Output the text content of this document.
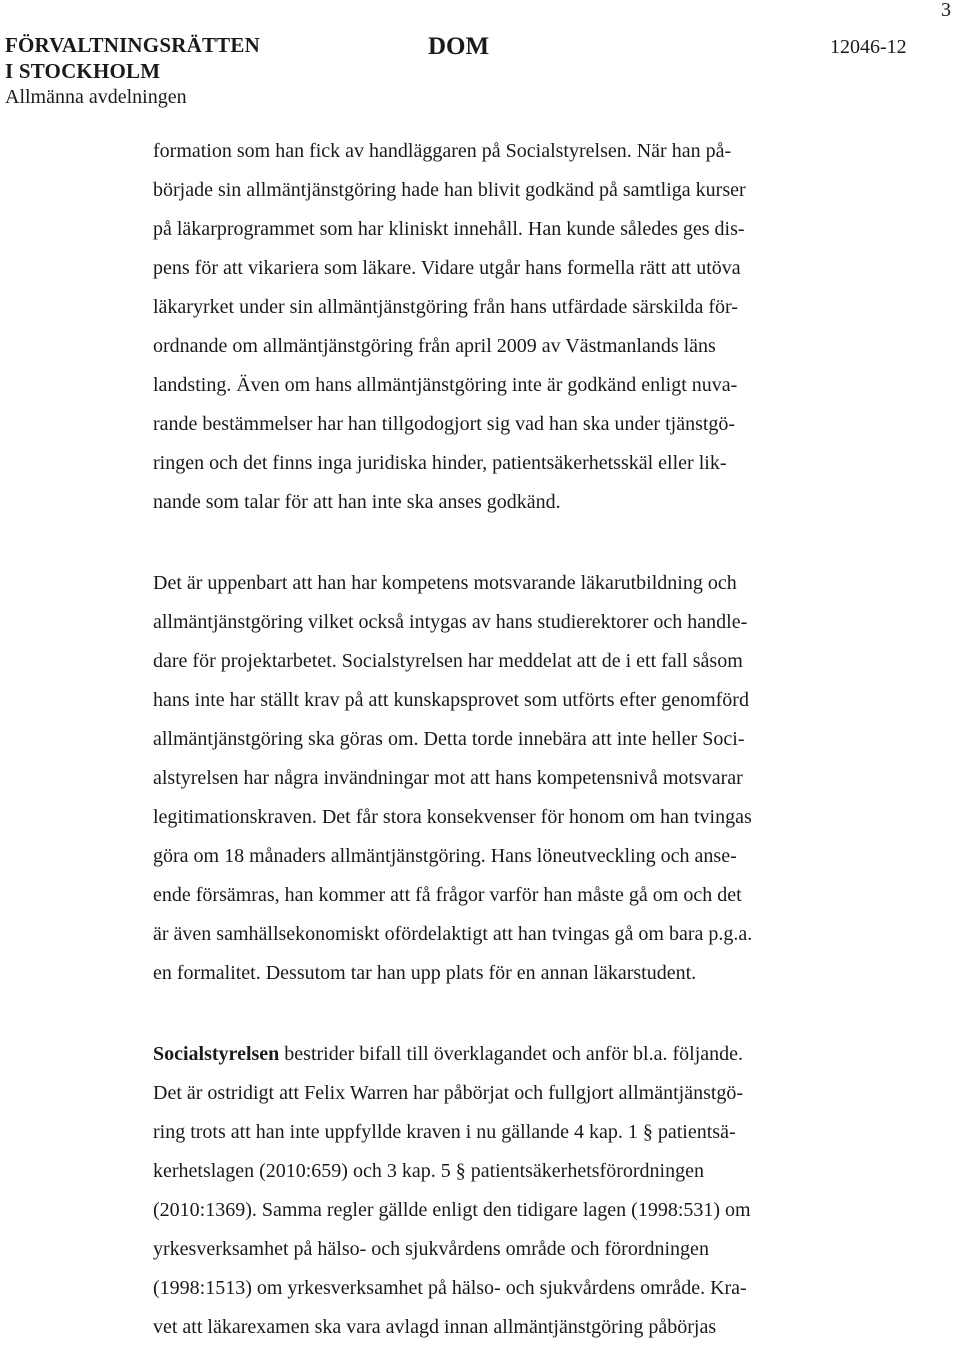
FÖRVALTNINGSRÄTTEN
I STOCKHOLM
Allmänna avdelningen
DOM	12046-12
3
formation som han fick av handläggaren på Socialstyrelsen. När han på-
började sin allmäntjänstgöring hade han blivit godkänd på samtliga kurser
på läkarprogrammet som har kliniskt innehåll. Han kunde således ges dis-
pens för att vikariera som läkare. Vidare utgår hans formella rätt att utöva
läkaryrket under sin allmäntjänstgöring från hans utfärdade särskilda för-
ordnande om allmäntjänstgöring från april 2009 av Västmanlands läns
landsting. Även om hans allmäntjänstgöring inte är godkänd enligt nuva-
rande bestämmelser har han tillgodogjort sig vad han ska under tjänstgö-
ringen och det finns inga juridiska hinder, patientsäkerhetsskäl eller lik-
nande som talar för att han inte ska anses godkänd.
Det är uppenbart att han har kompetens motsvarande läkarutbildning och
allmäntjänstgöring vilket också intygas av hans studierektorer och handle-
dare för projektarbetet. Socialstyrelsen har meddelat att de i ett fall såsom
hans inte har ställt krav på att kunskapsprovet som utförts efter genomförd
allmäntjänstgöring ska göras om. Detta torde innebära att inte heller Soci-
alstyrelsen har några invändningar mot att hans kompetensnivå motsvarar
legitimationskraven. Det får stora konsekvenser för honom om han tvingas
göra om 18 månaders allmäntjänstgöring. Hans löneutveckling och anse-
ende försämras, han kommer att få frågor varför han måste gå om och det
är även samhällsekonomiskt ofördelaktigt att han tvingas gå om bara p.g.a.
en formalitet. Dessutom tar han upp plats för en annan läkarstudent.
Socialstyrelsen bestrider bifall till överklagandet och anför bl.a. följande.
Det är ostridigt att Felix Warren har påbörjat och fullgjort allmäntjänstgö-
ring trots att han inte uppfyllde kraven i nu gällande 4 kap. 1 § patientsä-
kerhetslagen (2010:659) och 3 kap. 5 § patientsäkerhetsförordningen
(2010:1369). Samma regler gällde enligt den tidigare lagen (1998:531) om
yrkesverksamhet på hälso- och sjukvårdens område och förordningen
(1998:1513) om yrkesverksamhet på hälso- och sjukvårdens område. Kra-
vet att läkarexamen ska vara avlagd innan allmäntjänstgöring påbörjas
